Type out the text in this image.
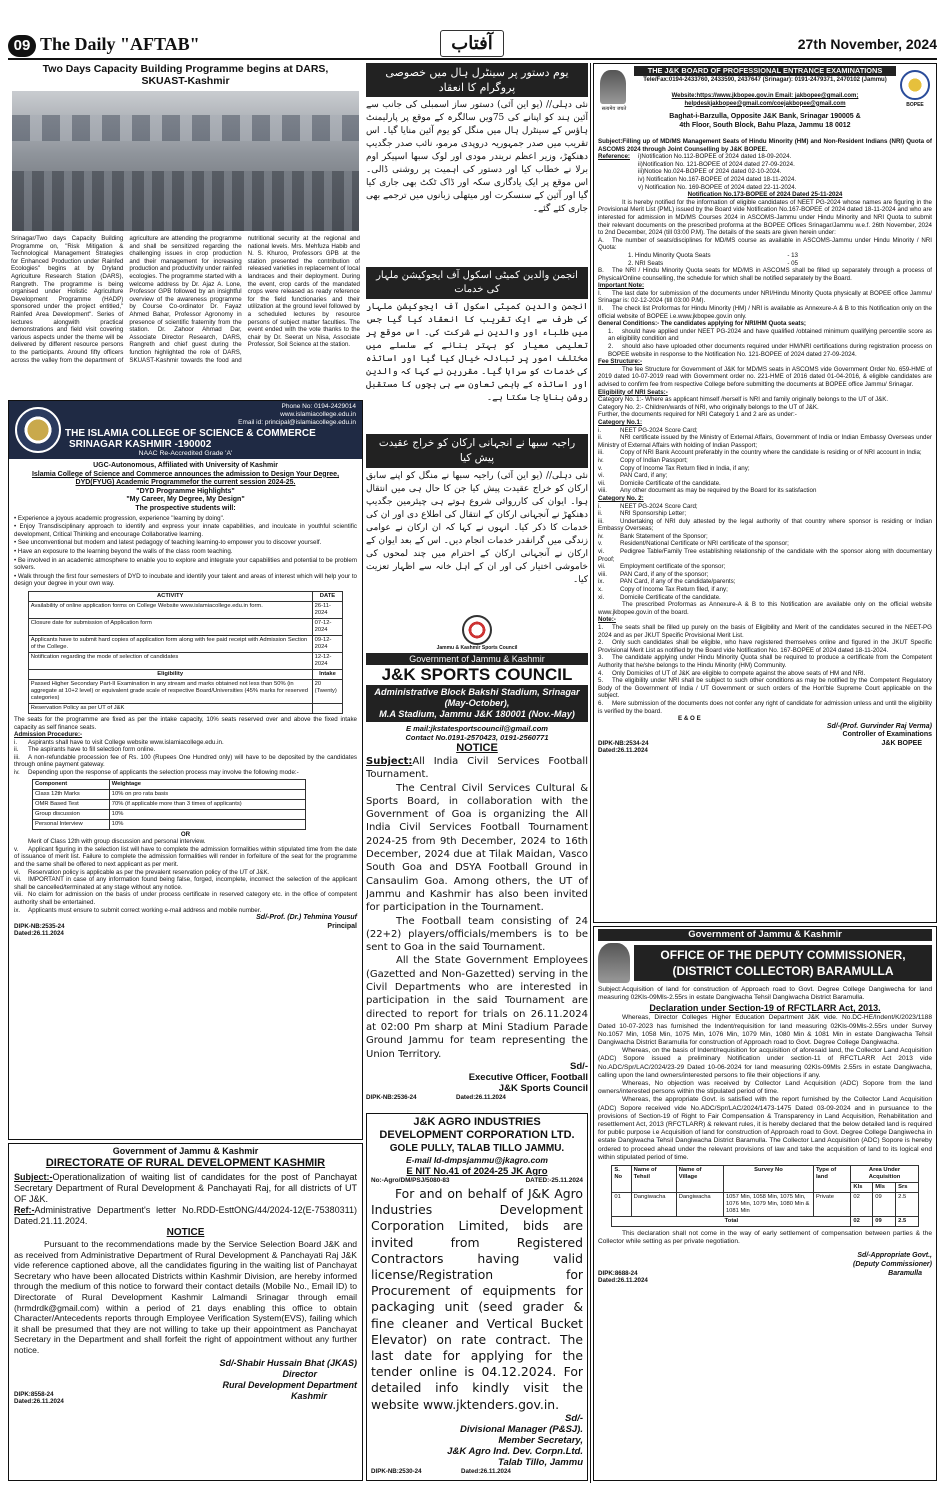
09 The Daily "AFTAB"	آفتاب	27th November, 2024
Two Days Capacity Building Programme begins at DARS, SKUAST-Kashmir
Srinagar/Two days Capacity Building Programme on, "Risk Mitigation & Technological Management Strategies for Enhanced Production under Rainfed Ecologies" begins at by Dryland Agriculture Research Station (DARS), Rangreth. The programme is being organised under Holistic Agriculture Development Programme (HADP) sponsored under the project entitled," Rainfed Area Development". Series of lectures alongwith practical demonstrations and field visit covering various aspects under the theme will be delivered by different resource persons to the participants. Around fifty officers across the valley from the department of agriculture are attending the programme and shall be sensitized regarding the challenging issues in crop production and their management for increasing production and productivity under rainfed ecologies. The programme started with a welcome address by Dr. Ajaz A. Lone, Professor GPB followed by an insightful overview of the awareness programme by Course Co-ordinator Dr. Fayaz Ahmed Bahar, Professor Agronomy in presence of scientific fraternity from the station. Dr. Zahoor Ahmad Dar, Associate Director Research, DARS, Rangreth and chief guest during the function highlighted the role of DARS, SKUAST-Kashmir towards the food and nutritional security at the regional and national levels. Mrs. Mehfuza Habib and N. S. Khuroo, Professors GPB at the station presented the contribution of released varieties in replacement of local landraces and their deployment. During the event, crop cards of the mandated crops were released as ready reference for the field functionaries and their utilization at the ground level followed by a scheduled lectures by resource persons of subject matter faculties. The event ended with the vote thanks to the chair by Dr. Seerat un Nisa, Associate Professor, Soil Science at the station.
یوم دستور پر سینٹرل ہال میں خصوصی پروگرام کا انعقاد
نئی دہلی// (یو این آئی) دستور ساز اسمبلی کی جانب سے آئین ہند کو اپنانے کی 75ویں سالگرہ کے موقع پر پارلیمنٹ ہاؤس کے سینٹرل ہال میں منگل کو یوم آئین منایا گیا۔ اس تقریب میں صدر جمہوریہ دروپدی مرمو، نائب صدر جگدیپ دھنکھڑ، وزیر اعظم نریندر مودی اور لوک سبھا اسپیکر اوم برلا نے خطاب کیا اور دستور کی اہمیت پر روشنی ڈالی۔ اس موقع پر ایک یادگاری سکہ اور ڈاک ٹکٹ بھی جاری کیا گیا اور آئین کے سنسکرت اور میتھلی زبانوں میں ترجمے بھی جاری کئے گئے۔
انجمن والدین کمیٹی اسکول آف ایجوکیشن ملہار کی خدمات
انجمن والدین کمیٹی اسکول آف ایجوکیشن ملہار کی طرف سے ایک تقریب کا انعقاد کیا گیا جس میں طلباء اور والدین نے شرکت کی۔ اس موقع پر تعلیمی معیار کو بہتر بنانے کے سلسلے میں مختلف امور پر تبادلہ خیال کیا گیا اور اساتذہ کی خدمات کو سراہا گیا۔ مقررین نے کہا کہ والدین اور اساتذہ کے باہمی تعاون سے ہی بچوں کا مستقبل روشن بنایا جا سکتا ہے۔
راجیہ سبھا نے انجہانی ارکان کو خراج عقیدت پیش کیا
نئی دہلی// (یو این آئی) راجیہ سبھا نے منگل کو اپنے سابق ارکان کو خراج عقیدت پیش کیا جن کا حال ہی میں انتقال ہوا۔ ایوان کی کارروائی شروع ہوتے ہی چیئرمین جگدیپ دھنکھڑ نے آنجہانی ارکان کے انتقال کی اطلاع دی اور ان کی خدمات کا ذکر کیا۔ انہوں نے کہا کہ ان ارکان نے عوامی زندگی میں گرانقدر خدمات انجام دیں۔ اس کے بعد ایوان کے ارکان نے آنجہانی ارکان کے احترام میں چند لمحوں کی خاموشی اختیار کی اور ان کے اہل خانہ سے اظہار تعزیت کیا۔
Phone No: 0194-2429014
www.islamiacollege.edu.in
Email id: principal@islamiacollege.edu.in
THE ISLAMIA COLLEGE OF SCIENCE & COMMERCE
SRINAGAR KASHMIR -190002
NAAC Re-Accredited Grade 'A'
UGC-Autonomous, Affiliated with University of Kashmir
Islamia College of Science and Commerce announces the admission to Design Your Degree, DYD(FYUG) Academic Programmefor the current session 2024-25.
"DYD Programme Highlights"
"My Career, My Degree, My Design"
The prospective students will:
• Experience a joyous academic progression, experience "learning by doing".
• Enjoy Transdisciplinary approach to identify and express your innate capabilities, and inculcate in youthful scientific development, Critical Thinking and encourage Collaborative learning.
• See unconventional but modern and latest pedagogy of teaching learning-to empower you to discover yourself.
• Have an exposure to the learning beyond the walls of the class room teaching.
• Be involved in an academic atmosphere to enable you to explore and integrate your capabilities and potential to be problem solvers.
• Walk through the first four semesters of DYD to incubate and identify your talent and areas of interest which will help your to design your degree in your own way.
ACTIVITY	DATE
Availability of online application forms on College Website www.islamiacollege.edu.in form.	26-11-2024
Closure date for submission of Application form	07-12-2024
Applicants have to submit hard copies of application form along with fee paid receipt with Admission Section of the College.	09-12-2024
Notification regarding the mode of selection of candidates	12-12-2024
Eligibility	Intake
Passed Higher Secondary Part-II Examination in any stream and marks obtained not less than 50% (in aggregate at 10+2 level) or equivalent grade scale of respective Board/Universities (45% marks for reserved categories)	20 (Twenty)
Reservation Policy as per UT of J&K	
The seats for the programme are fixed as per the intake capacity, 10% seats reserved over and above the fixed intake capacity as self finance seats.
Admission Procedure:-
i. Aspirants shall have to visit College website www.islamiacollege.edu.in.
ii. The aspirants have to fill selection form online.
iii. A non-refundable procession fee of Rs. 100 (Rupees One Hundred only) will have to be deposited by the candidates through online payment gateway.
iv. Depending upon the response of applicants the selection process may involve the following mode:-
Component	Weightage
Class 12th Marks	10% on pro rata basis
OMR Based Test	70% (if applicable more than 3 times of applicants)
Group discussion	10%
Personal Interview	10%
OR
Merit of Class 12th with group discussion and personal interview.
v. Applicant figuring in the selection list will have to complete the admission formalities within stipulated time from the date of issuance of merit list. Failure to complete the admission formalities will render in forfeiture of the seat for the programme and the same shall be offered to next applicant as per merit.
vi. Reservation policy is applicable as per the prevalent reservation policy of the UT of J&K.
vii. IMPORTANT in case of any information found being false, forged, incomplete, incorrect the selection of the applicant shall be cancelled/terminated at any stage without any notice.
viii. No claim for admission on the basis of under process certificate in reserved category etc. in the office of competent authority shall be entertained.
ix. Applicants must ensure to submit correct working e-mail address and mobile number.
Sd/-Prof. (Dr.) Tehmina Yousuf
DIPK-NB:2535-24
Dated:26.11.2024
Principal
Jammu & Kashmir Sports Council
Government of Jammu & Kashmir
J&K SPORTS COUNCIL
Administrative Block Bakshi Stadium, Srinagar (May-October),
M.A Stadium, Jammu J&K 180001 (Nov.-May)
E mail:jkstatesportscouncil@gmail.com
Contact No.0191-2570423, 0191-2560771
NOTICE
Subject:All India Civil Services Football Tournament.
The Central Civil Services Cultural & Sports Board, in collaboration with the Government of Goa is organizing the All India Civil Services Football Tournament 2024-25 from 9th December, 2024 to 16th December, 2024 due at Tilak Maidan, Vasco South Goa and DSYA Football Ground in Cansaulim Goa. Among others, the UT of Jammu and Kashmir has also been invited for participation in the Tournament.
The Football team consisting of 24 (22+2) players/officials/members is to be sent to Goa in the said Tournament.
All the State Government Employees (Gazetted and Non-Gazetted) serving in the Civil Departments who are interested in participation in the said Tournament are directed to report for trials on 26.11.2024 at 02:00 Pm sharp at Mini Stadium Parade Ground Jammu for team representing the Union Territory.
Sd/-
Executive Officer, Football
J&K Sports Council
DIPK-NB:2536-24	Dated:26.11.2024
J&K AGRO INDUSTRIES DEVELOPMENT CORPORATION LTD.
GOLE PULLY, TALAB TILLO JAMMU.
E-mail Id-dmpsjammu@jkagro.com
E NIT No.41 of 2024-25 JK Agro
No:-Agro/DM/PSJ/5080-83	DATED:-25.11.2024
For and on behalf of J&K Agro Industries Development Corporation Limited, bids are invited from Registered Contractors having valid license/Registration for Procurement of equipments for packaging unit (seed grader & fine cleaner and Vertical Bucket Elevator) on rate contract. The last date for applying for the tender online is 04.12.2024. For detailed info kindly visit the website www.jktenders.gov.in.
Sd/-
Divisional Manager (P&SJ).
Member Secretary,
J&K Agro Ind. Dev. Corpn.Ltd.
Talab Tillo, Jammu
DIPK-NB:2530-24	Dated:26.11.2024
Government of Jammu & Kashmir
DIRECTORATE OF RURAL DEVELOPMENT KASHMIR
Subject:-Operationalization of waiting list of candidates for the post of Panchayat Secretary Department of Rural Development & Panchayati Raj, for all districts of UT OF J&K.
Ref:-Administrative Department's letter No.RDD-EsttONG/44/2024-12(E-75380311) Dated.21.11.2024.
NOTICE
Pursuant to the recommendations made by the Service Selection Board J&K and as received from Administrative Department of Rural Development & Panchayati Raj J&K vide reference captioned above, all the candidates figuring in the waiting list of Panchayat Secretary who have been allocated Districts within Kashmir Division, are hereby informed through the medium of this notice to forward their contact details (Mobile No., Email ID) to Directorate of Rural Development Kashmir Lalmandi Srinagar through email (hrmdrdk@gmail.com) within a period of 21 days enabling this office to obtain Character/Antecedents reports through Employee Verification System(EVS), failing which it shall be presumed that they are not willing to take up their appointment as Panchayat Secretary in the Department and shall forfeit the right of appointment without any further notice.
Sd/-Shabir Hussain Bhat (JKAS)
Director
Rural Development Department
DIPK:8558-24
Dated:26.11.2024
Kashmir
सत्यमेव जयते
THE J&K BOARD OF PROFESSIONAL ENTRANCE EXAMINATIONS
Tele/Fax:0194-2433760, 2433590, 2437647 (Srinagar): 0191-2479371, 2470102 (Jammu)
Website:https://www.jkbopee.gov.in Email: jakbopee@gmail.com; helpdeskjakbopee@gmail.com/coejakbopee@gmail.com	BOPEE
Baghat-i-Barzulla, Opposite J&K Bank, Srinagar 190005 &
4th Floor, South Block, Bahu Plaza, Jammu 18 0012
Subject:Filling up of MD/MS Management Seats of Hindu Minority (HM) and Non-Resident Indians (NRI) Quota of ASCOMS 2024 through Joint Counselling by J&K BOPEE.
Reference:	i)Notification No.112-BOPEE of 2024 dated 18-09-2024.
ii)Notification No. 121-BOPEE of 2024 dated 27-09-2024.
iii)Notice No.024-BOPEE of 2024 dated 02-10-2024.
iv) Notification No.167-BOPEE of 2024 dated 18-11-2024.
v) Notification No. 169-BOPEE of 2024 dated 22-11-2024.
Notification No.173-BOPEE of 2024 Dated 25-11-2024
It is hereby notified for the information of eligible candidates of NEET PG-2024 whose names are figuring in the Provisional Merit List (PML) issued by the Board vide Notification No.167-BOPEE of 2024 dated 18-11-2024 and who are interested for admission in MD/MS Courses 2024 in ASCOMS-Jammu under Hindu Minority and NRI Quota to submit their relevant documents on the prescribed proforma at the BOPEE Offices Srinagar/Jammu w.e.f. 26th November, 2024 to 2nd December, 2024 (till 03:00 P.M). The details of the seats are given herein under:
A. The number of seats/disciplines for MD/MS course as available in ASCOMS-Jammu under Hindu Minority / NRI Quota:
1. Hindu Minority Quota Seats	- 13
2. NRI Seats	- 05
B. The NRI / Hindu Minority Quota seats for MD/MS in ASCOMS shall be filled up separately through a process of Physical/Online counselling, the schedule for which shall be notified separately by the Board.
Important Note:
I. The last date for submission of the documents under NRI/Hindu Minority Quota physically at BOPEE office Jammu/ Srinagar is: 02-12-2024 (till 03:00 P.M).
II. The check list Proformas for Hindu Minority (HM) / NRI is available as Annexure-A & B to this Notification only on the official website of BOPEE i.e.www.jkbopee.gov.in only.
General Conditions:- The candidates applying for NRI/HM Quota seats;
1. should have applied under NEET PG-2024 and have qualified /obtained minimum qualifying percentile score as an eligibility condition and
2. should also have uploaded other documents required under HM/NRI certifications during registration process on BOPEE website in response to the Notification No. 121-BOPEE of 2024 dated 27-09-2024.
Fee Structure:-
The fee Structure for Government of J&K for MD/MS seats in ASCOMS vide Government Order No. 659-HME of 2019 dated 10-07-2019 read with Government order no. 221-HME of 2016 dated 01-04-2016, & eligible candidates are advised to confirm fee from respective College before submitting the documents at BOPEE office Jammu/ Srinagar.
Eligibility of NRI Seats:-
Category No. 1:- Where as applicant himself /herself is NRI and family originally belongs to the UT of J&K.
Category No. 2:- Children/wards of NRI, who originally belongs to the UT of J&K.
Further, the documents required for NRI Category 1 and 2 are as under:-
Category No.1:
i.	NEET PG-2024 Score Card;
ii.	NRI certificate issued by the Ministry of External Affairs, Government of India or Indian Embassy Overseas under Ministry of External Affairs with holding of Indian Passport;
iii.	Copy of NRI Bank Account preferably in the country where the candidate is residing or of NRI account in India;
iv.	Copy of Indian Passport;
v.	Copy of Income Tax Return filed in India, if any;
vi.	PAN Card, if any;
vii. Domicile Certificate of the candidate.
viii. Any other document as may be required by the Board for its satisfaction
Category No. 2:
i.	NEET PG-2024 Score Card;
ii.	NRI Sponsorship Letter;
iii.	Undertaking of NRI duly attested by the legal authority of that country where sponsor is residing or Indian Embassy Overseas;
iv.	Bank Statement of the Sponsor;
v.	Resident/National Certificate or NRI certificate of the sponsor;
vi.	Pedigree Table/Family Tree establishing relationship of the candidate with the sponsor along with documentary Proof;
vii. Employment certificate of the sponsor;
viii. PAN Card, if any of the sponsor;
ix.	PAN Card, if any of the candidate/parents;
x.	Copy of Income Tax Return filed, if any;
xi.	Domicile Certificate of the candidate.
The prescribed Proformas as Annexure-A & B to this Notification are available only on the official website www.jkbopee.gov.in of the board.
Note:-
1. The seats shall be filled up purely on the basis of Eligibility and Merit of the candidates secured in the NEET-PG 2024 and as per JKUT Specific Provisional Merit List.
2. Only such candidates shall be eligible, who have registered themselves online and figured in the JKUT Specific Provisional Merit List as notified by the Board vide Notification No. 167-BOPEE of 2024 dated 18-11-2024.
3. The candidate applying under Hindu Minority Quota shall be required to produce a certificate from the Competent Authority that he/she belongs to the Hindu Minority (HM) Community.
4. Only Domiciles of UT of J&K are eligible to compete against the above seats of HM and NRI.
5. The eligibility under NRI shall be subject to such other conditions as may be notified by the Competent Regulatory Body of the Government of India / UT Government or such orders of the Hon'ble Supreme Court applicable on the subject.
6. Mere submission of the documents does not confer any right of candidate for admission unless and until the eligibility is verified by the board.
E & O E
Sd/-(Prof. Gurvinder Raj Verma)
Controller of Examinations
DIPK-NB:2534-24
Dated:26.11.2024
J&K BOPEE
Government of Jammu & Kashmir
OFFICE OF THE DEPUTY COMMISSIONER, (DISTRICT COLLECTOR) BARAMULLA
Subject:Acquisition of land for construction of Approach road to Govt. Degree College Dangiwecha for land measuring 02Kls-09Mls-2.55rs in estate Dangiwacha Tehsil Dangiwacha District Baramulla.
Declaration under Section-19 of RFCTLARR Act, 2013.
Whereas, Director Colleges Higher Education Department J&K vide. No.DC-HE/Indent/K/2023/1188 Dated 10-07-2023 has furnished the Indent/requisition for land measuring 02Kls-09Mls-2.55rs under Survey No.1057 Min, 1058 Min, 1075 Min, 1076 Min, 1079 Min, 1080 Min & 1081 Min in estate Dangiwacha Tehsil Dangiwacha District Baramulla for construction of Approach road to Govt. Degree College Dangiwacha.
Whereas, on the basis of Indent/requisition for acquisition of aforesaid land, the Collector Land Acquisition (ADC) Sopore issued a preliminary Notification under section-11 of RFCTLARR Act 2013 vide No.ADC/Spr/LAC/2024/23-29 Dated 10-06-2024 for land measuring 02Kls-09Mls 2.55rs in estate Dangiwacha, calling upon the land owners/interested persons to file their objections if any.
Whereas, No objection was received by Collector Land Acquisition (ADC) Sopore from the land owners/interested persons within the stipulated period of time.
Whereas, the appropriate Govt. is satisfied with the report furnished by the Collector Land Acquisition (ADC) Sopore received vide No.ADC/Spr/LAC/2024/1473-1475 Dated 03-09-2024 and in pursuance to the provisions of Section-19 of Right to Fair Compensation & Transparency in Land Acquisition, Rehabilitation and resettlement Act, 2013 (RFCTLARR) & relevant rules, it is hereby declared that the below detailed land is required for public purpose i.e Acquisition of land for construction of Approach road to Govt. Degree College Dangiwecha in estate Dangiwacha Tehsil Dangiwacha District Baramulla. The Collector Land Acquisition (ADC) Sopore is hereby ordered to proceed ahead under the relevant provisions of law and take the acquisition of land to its logical end within stipulated period of time.
S. No	Name of Tehsil	Name of Village	Survey No	Type of land	Area Under Acquisition		
					Kls	Mls	Srs
01	Dangiwacha	Dangiwacha	1057 Min, 1058 Min, 1075 Min, 1076 Min, 1079 Min, 1080 Min & 1081 Min	Private	02	09	2.5
Total					02	09	2.5
This declaration shall not come in the way of early settlement of compensation between parties & the Collector while setting as per private negotiation.
Sd/-Appropriate Govt.,
(Deputy Commissioner)
DIPK:8688-24
Dated:26.11.2024
Baramulla
